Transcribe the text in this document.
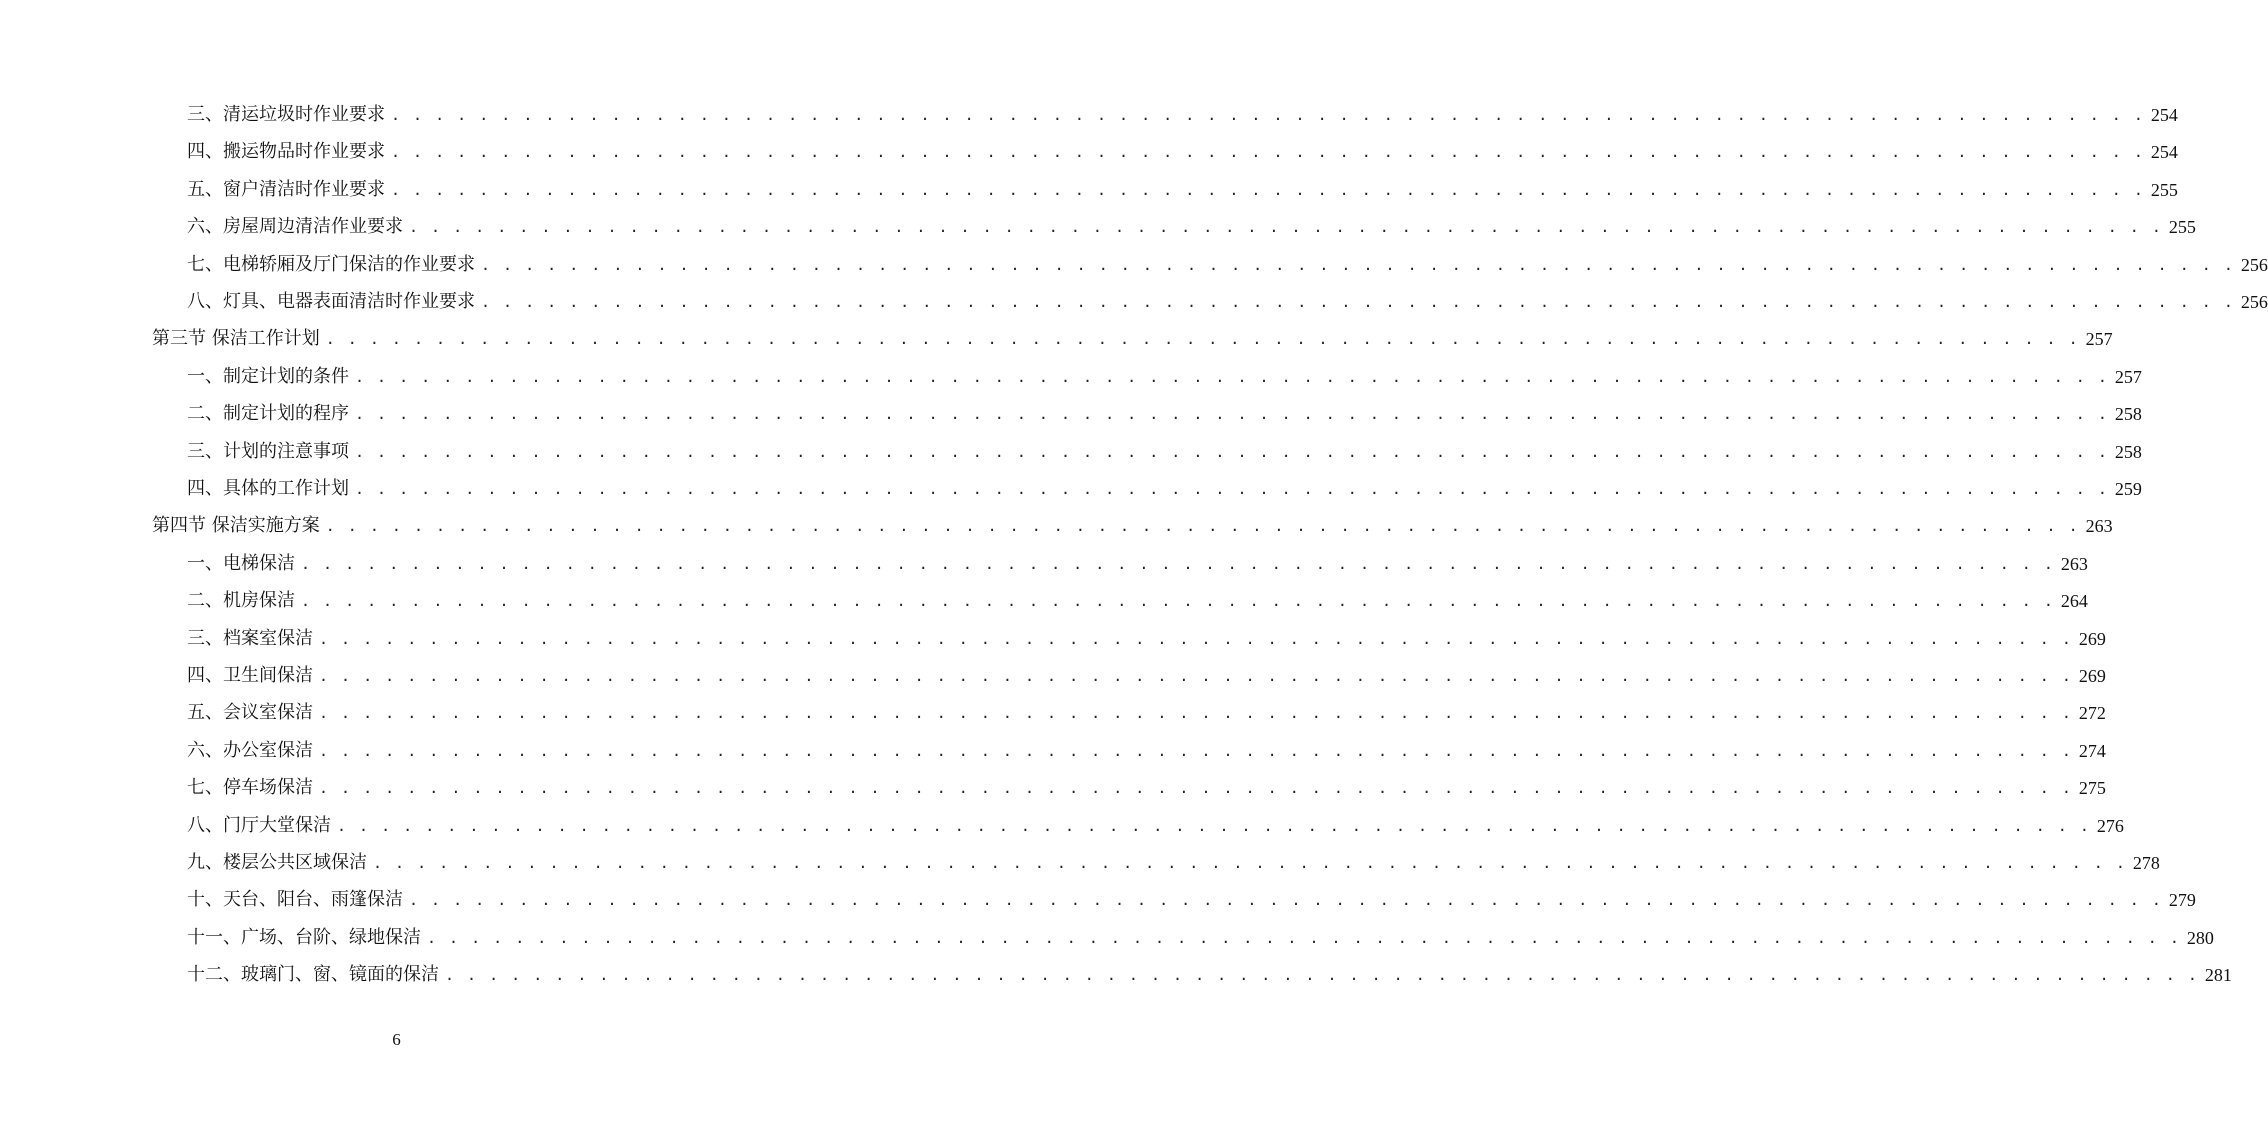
三、清运垃圾时作业要求 . . . . . . . . . . . . . . . . . . . . . . . . . . . . . . . . . . . . . . . . . . . . . . . . . . . . . . . . . . . . . . . . . . . . . . . . . . . . . . . . 254
四、搬运物品时作业要求 . . . . . . . . . . . . . . . . . . . . . . . . . . . . . . . . . . . . . . . . . . . . . . . . . . . . . . . . . . . . . . . . . . . . . . . . . . . . . . . . 254
五、窗户清洁时作业要求 . . . . . . . . . . . . . . . . . . . . . . . . . . . . . . . . . . . . . . . . . . . . . . . . . . . . . . . . . . . . . . . . . . . . . . . . . . . . . . . . 255
六、房屋周边清洁作业要求 . . . . . . . . . . . . . . . . . . . . . . . . . . . . . . . . . . . . . . . . . . . . . . . . . . . . . . . . . . . . . . . . . . . . . . . . . . . . . . . . 255
七、电梯轿厢及厅门保洁的作业要求 . . . . . . . . . . . . . . . . . . . . . . . . . . . . . . . . . . . . . . . . . . . . . . . . . . . . . . . . . . . . . . . . . . . . . . . . . . . . . . . . 256
八、灯具、电器表面清洁时作业要求 . . . . . . . . . . . . . . . . . . . . . . . . . . . . . . . . . . . . . . . . . . . . . . . . . . . . . . . . . . . . . . . . . . . . . . . . . . . . . . . . 256
第三节 保洁工作计划 . . . . . . . . . . . . . . . . . . . . . . . . . . . . . . . . . . . . . . . . . . . . . . . . . . . . . . . . . . . . . . . . . . . . . . . . . . . . . . . . 257
一、制定计划的条件 . . . . . . . . . . . . . . . . . . . . . . . . . . . . . . . . . . . . . . . . . . . . . . . . . . . . . . . . . . . . . . . . . . . . . . . . . . . . . . . . 257
二、制定计划的程序 . . . . . . . . . . . . . . . . . . . . . . . . . . . . . . . . . . . . . . . . . . . . . . . . . . . . . . . . . . . . . . . . . . . . . . . . . . . . . . . . 258
三、计划的注意事项 . . . . . . . . . . . . . . . . . . . . . . . . . . . . . . . . . . . . . . . . . . . . . . . . . . . . . . . . . . . . . . . . . . . . . . . . . . . . . . . . 258
四、具体的工作计划 . . . . . . . . . . . . . . . . . . . . . . . . . . . . . . . . . . . . . . . . . . . . . . . . . . . . . . . . . . . . . . . . . . . . . . . . . . . . . . . . 259
第四节 保洁实施方案 . . . . . . . . . . . . . . . . . . . . . . . . . . . . . . . . . . . . . . . . . . . . . . . . . . . . . . . . . . . . . . . . . . . . . . . . . . . . . . . . 263
一、电梯保洁 . . . . . . . . . . . . . . . . . . . . . . . . . . . . . . . . . . . . . . . . . . . . . . . . . . . . . . . . . . . . . . . . . . . . . . . . . . . . . . . . 263
二、机房保洁 . . . . . . . . . . . . . . . . . . . . . . . . . . . . . . . . . . . . . . . . . . . . . . . . . . . . . . . . . . . . . . . . . . . . . . . . . . . . . . . . 264
三、档案室保洁 . . . . . . . . . . . . . . . . . . . . . . . . . . . . . . . . . . . . . . . . . . . . . . . . . . . . . . . . . . . . . . . . . . . . . . . . . . . . . . . . 269
四、卫生间保洁 . . . . . . . . . . . . . . . . . . . . . . . . . . . . . . . . . . . . . . . . . . . . . . . . . . . . . . . . . . . . . . . . . . . . . . . . . . . . . . . . 269
五、会议室保洁 . . . . . . . . . . . . . . . . . . . . . . . . . . . . . . . . . . . . . . . . . . . . . . . . . . . . . . . . . . . . . . . . . . . . . . . . . . . . . . . . 272
六、办公室保洁 . . . . . . . . . . . . . . . . . . . . . . . . . . . . . . . . . . . . . . . . . . . . . . . . . . . . . . . . . . . . . . . . . . . . . . . . . . . . . . . . 274
七、停车场保洁 . . . . . . . . . . . . . . . . . . . . . . . . . . . . . . . . . . . . . . . . . . . . . . . . . . . . . . . . . . . . . . . . . . . . . . . . . . . . . . . . 275
八、门厅大堂保洁 . . . . . . . . . . . . . . . . . . . . . . . . . . . . . . . . . . . . . . . . . . . . . . . . . . . . . . . . . . . . . . . . . . . . . . . . . . . . . . . . 276
九、楼层公共区域保洁 . . . . . . . . . . . . . . . . . . . . . . . . . . . . . . . . . . . . . . . . . . . . . . . . . . . . . . . . . . . . . . . . . . . . . . . . . . . . . . . . 278
十、天台、阳台、雨篷保洁 . . . . . . . . . . . . . . . . . . . . . . . . . . . . . . . . . . . . . . . . . . . . . . . . . . . . . . . . . . . . . . . . . . . . . . . . . . . . . . . . 279
十一、广场、台阶、绿地保洁 . . . . . . . . . . . . . . . . . . . . . . . . . . . . . . . . . . . . . . . . . . . . . . . . . . . . . . . . . . . . . . . . . . . . . . . . . . . . . . . . 280
十二、玻璃门、窗、镜面的保洁 . . . . . . . . . . . . . . . . . . . . . . . . . . . . . . . . . . . . . . . . . . . . . . . . . . . . . . . . . . . . . . . . . . . . . . . . . . . . . . . . 281
6
